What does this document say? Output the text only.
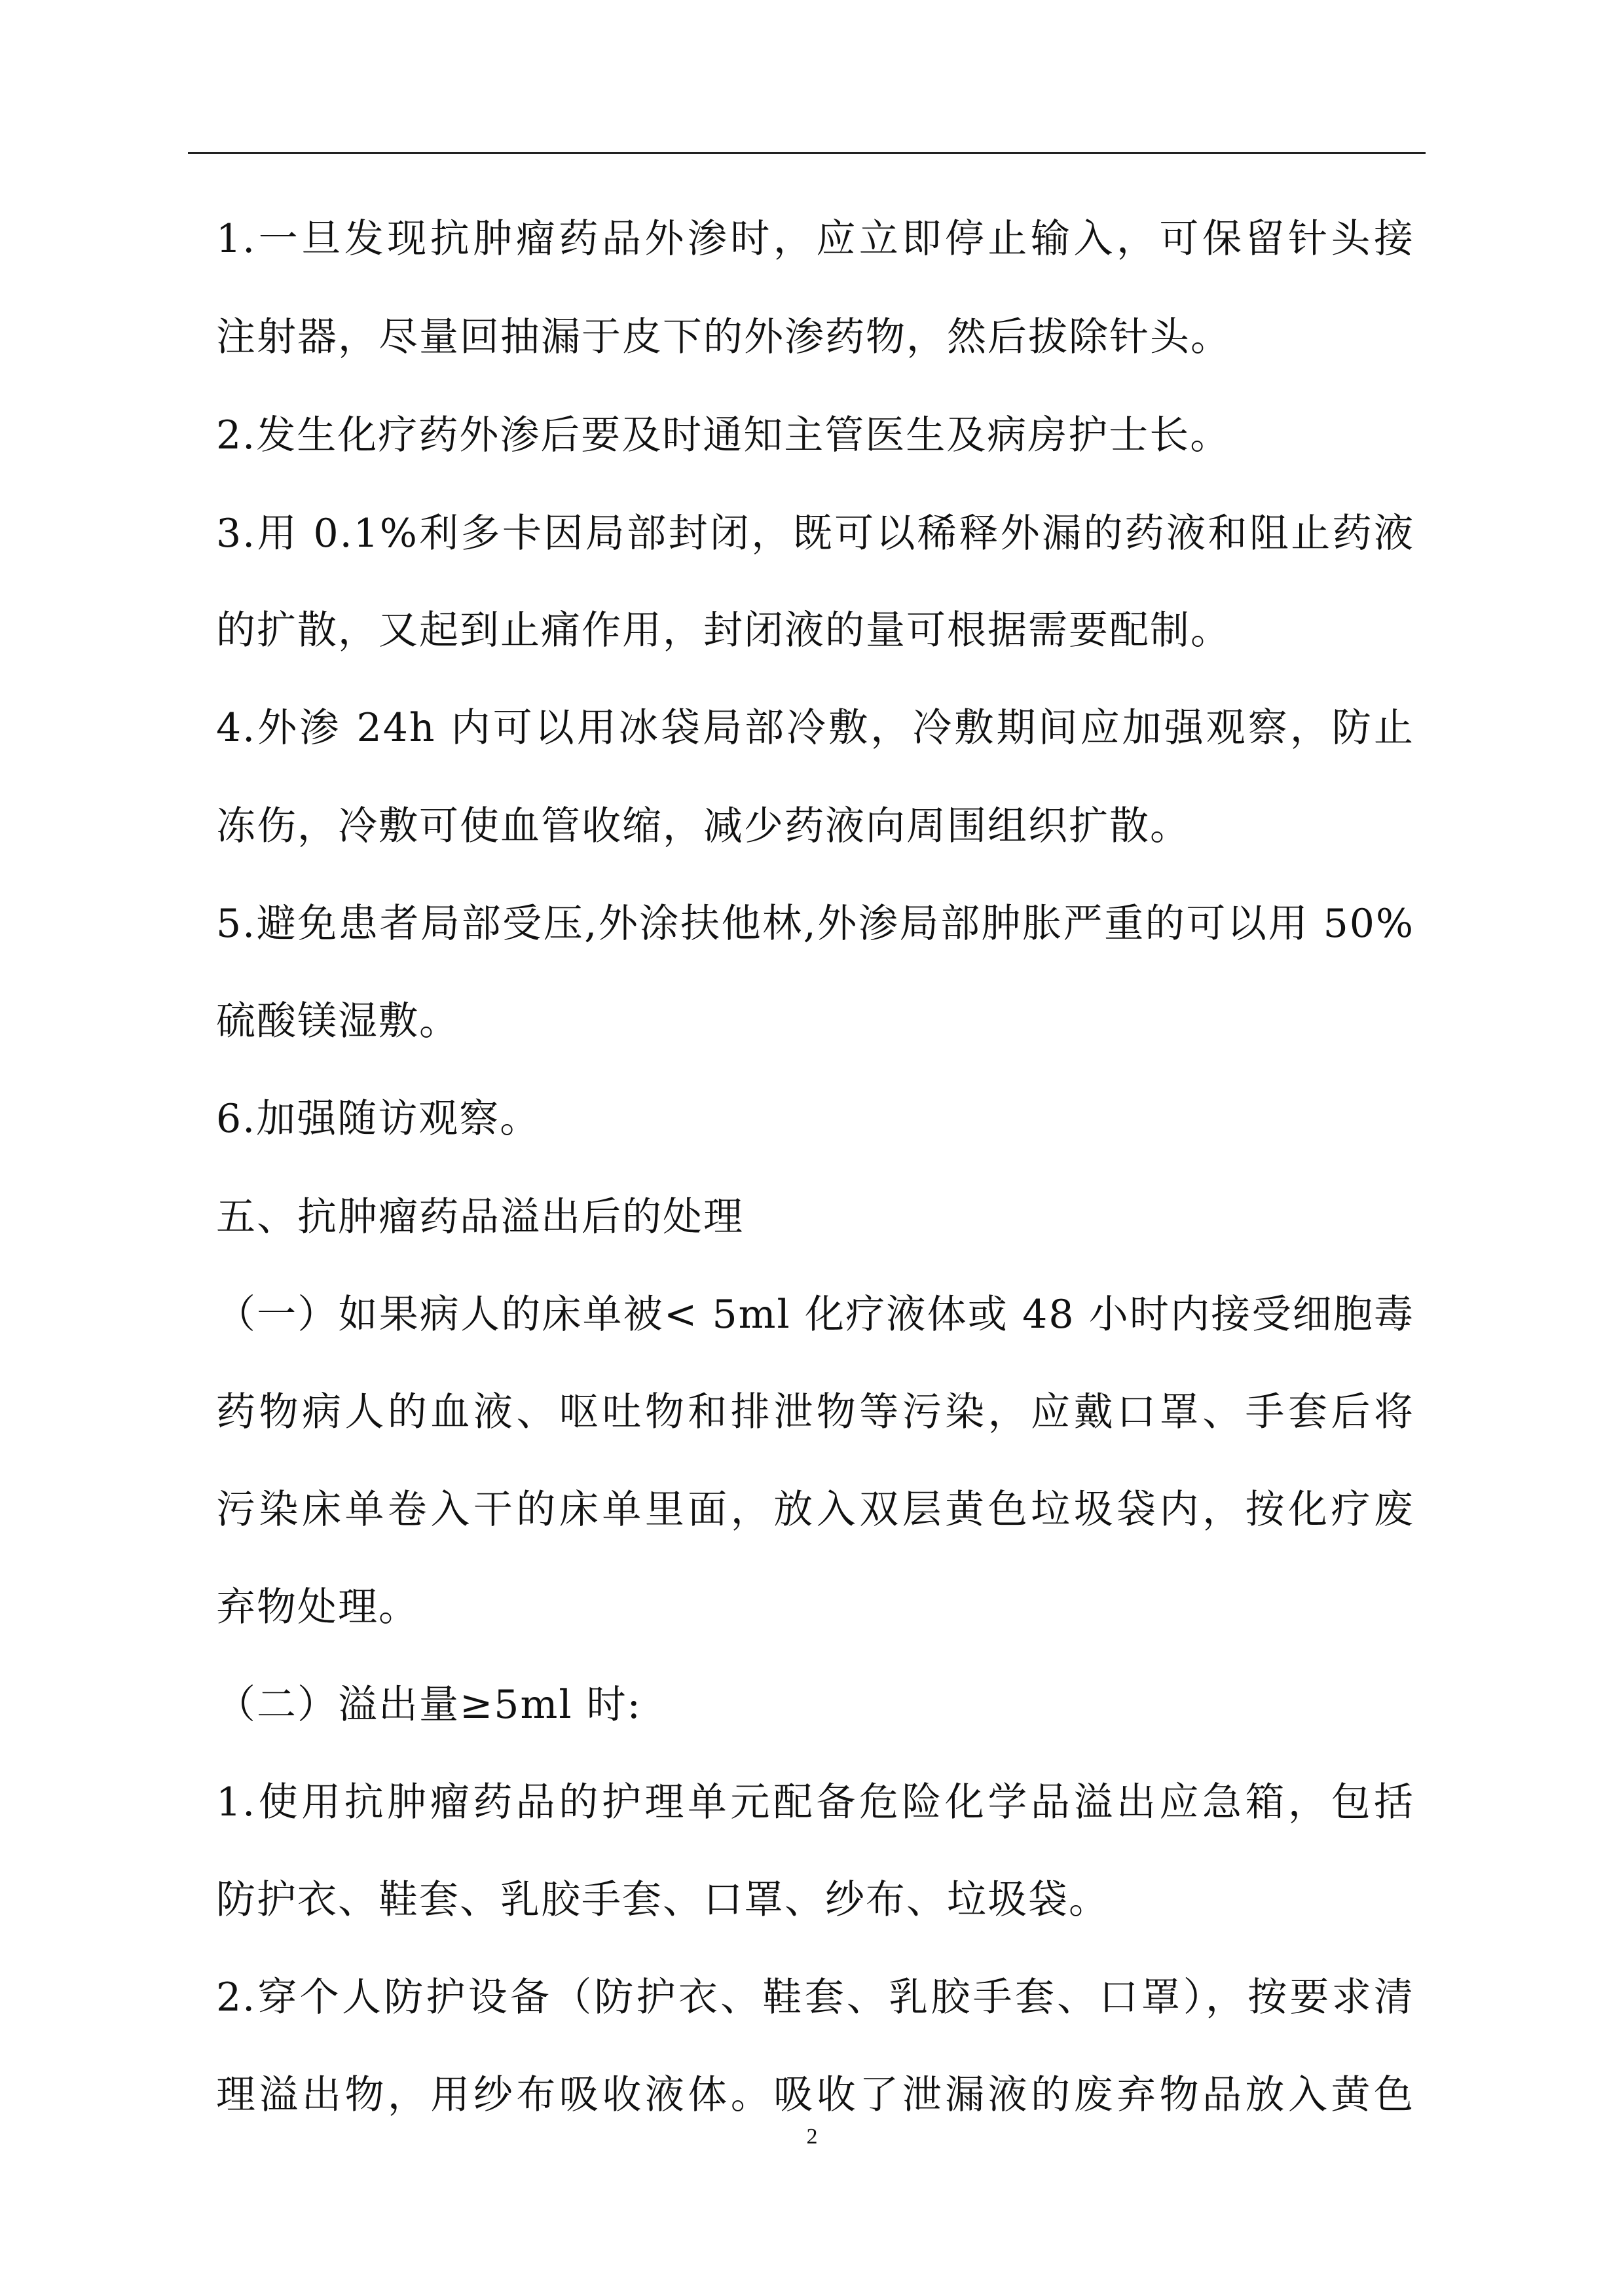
1.一旦发现抗肿瘤药品外渗时，应立即停止输入，可保留针头接
注射器，尽量回抽漏于皮下的外渗药物，然后拔除针头。
2.发生化疗药外渗后要及时通知主管医生及病房护士长。
3.用 0.1%利多卡因局部封闭，既可以稀释外漏的药液和阻止药液
的扩散，又起到止痛作用，封闭液的量可根据需要配制。
4.外渗 24h 内可以用冰袋局部冷敷，冷敷期间应加强观察，防止
冻伤，冷敷可使血管收缩，减少药液向周围组织扩散。
5.避免患者局部受压,外涂扶他林,外渗局部肿胀严重的可以用 50%
硫酸镁湿敷。
6.加强随访观察。
五、抗肿瘤药品溢出后的处理
（一）如果病人的床单被< 5ml 化疗液体或 48 小时内接受细胞毒
药物病人的血液、呕吐物和排泄物等污染，应戴口罩、手套后将
污染床单卷入干的床单里面，放入双层黄色垃圾袋内，按化疗废
弃物处理。
（二）溢出量≥5ml 时:
1.使用抗肿瘤药品的护理单元配备危险化学品溢出应急箱，包括
防护衣、鞋套、乳胶手套、口罩、纱布、垃圾袋。
2.穿个人防护设备（防护衣、鞋套、乳胶手套、口罩），按要求清
理溢出物，用纱布吸收液体。吸收了泄漏液的废弃物品放入黄色
2
